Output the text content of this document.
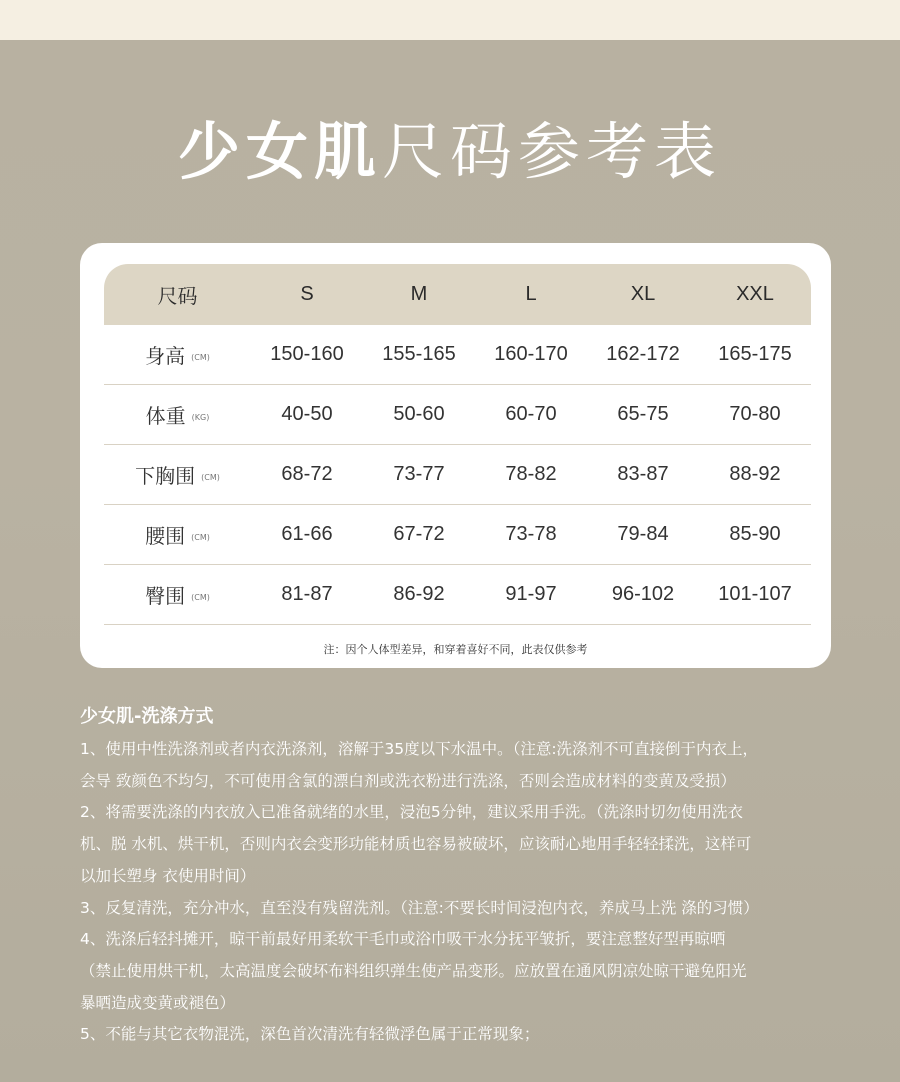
少女肌尺码参考表
尺码	S	M	L	XL	XXL
身高 (CM)	150-160	155-165	160-170	162-172	165-175
体重 (KG)	40-50	50-60	60-70	65-75	70-80
下胸围 (CM)	68-72	73-77	78-82	83-87	88-92
腰围 (CM)	61-66	67-72	73-78	79-84	85-90
臀围 (CM)	81-87	86-92	91-97	96-102	101-107
注：因个人体型差异，和穿着喜好不同，此表仅供参考
少女肌-洗涤方式
1、使用中性洗涤剂或者内衣洗涤剂，溶解于35度以下水温中。（注意:洗涤剂不可直接倒于内衣上，
会导 致颜色不均匀，不可使用含氯的漂白剂或洗衣粉进行洗涤，否则会造成材料的变黄及受损）
2、将需要洗涤的内衣放入已准备就绪的水里，浸泡5分钟，建议采用手洗。（洗涤时切勿使用洗衣
机、脱 水机、烘干机，否则内衣会变形功能材质也容易被破坏，应该耐心地用手轻轻揉洗，这样可
以加长塑身 衣使用时间）
3、反复清洗，充分冲水，直至没有残留洗剂。（注意:不要长时间浸泡内衣，养成马上洗 涤的习惯）
4、洗涤后轻抖摊开，晾干前最好用柔软干毛巾或浴巾吸干水分抚平皱折，要注意整好型再晾晒
（禁止使用烘干机，太高温度会破坏布料组织弹生使产品变形。应放置在通风阴凉处晾干避免阳光
暴晒造成变黄或褪色）
5、不能与其它衣物混洗，深色首次清洗有轻微浮色属于正常现象；
